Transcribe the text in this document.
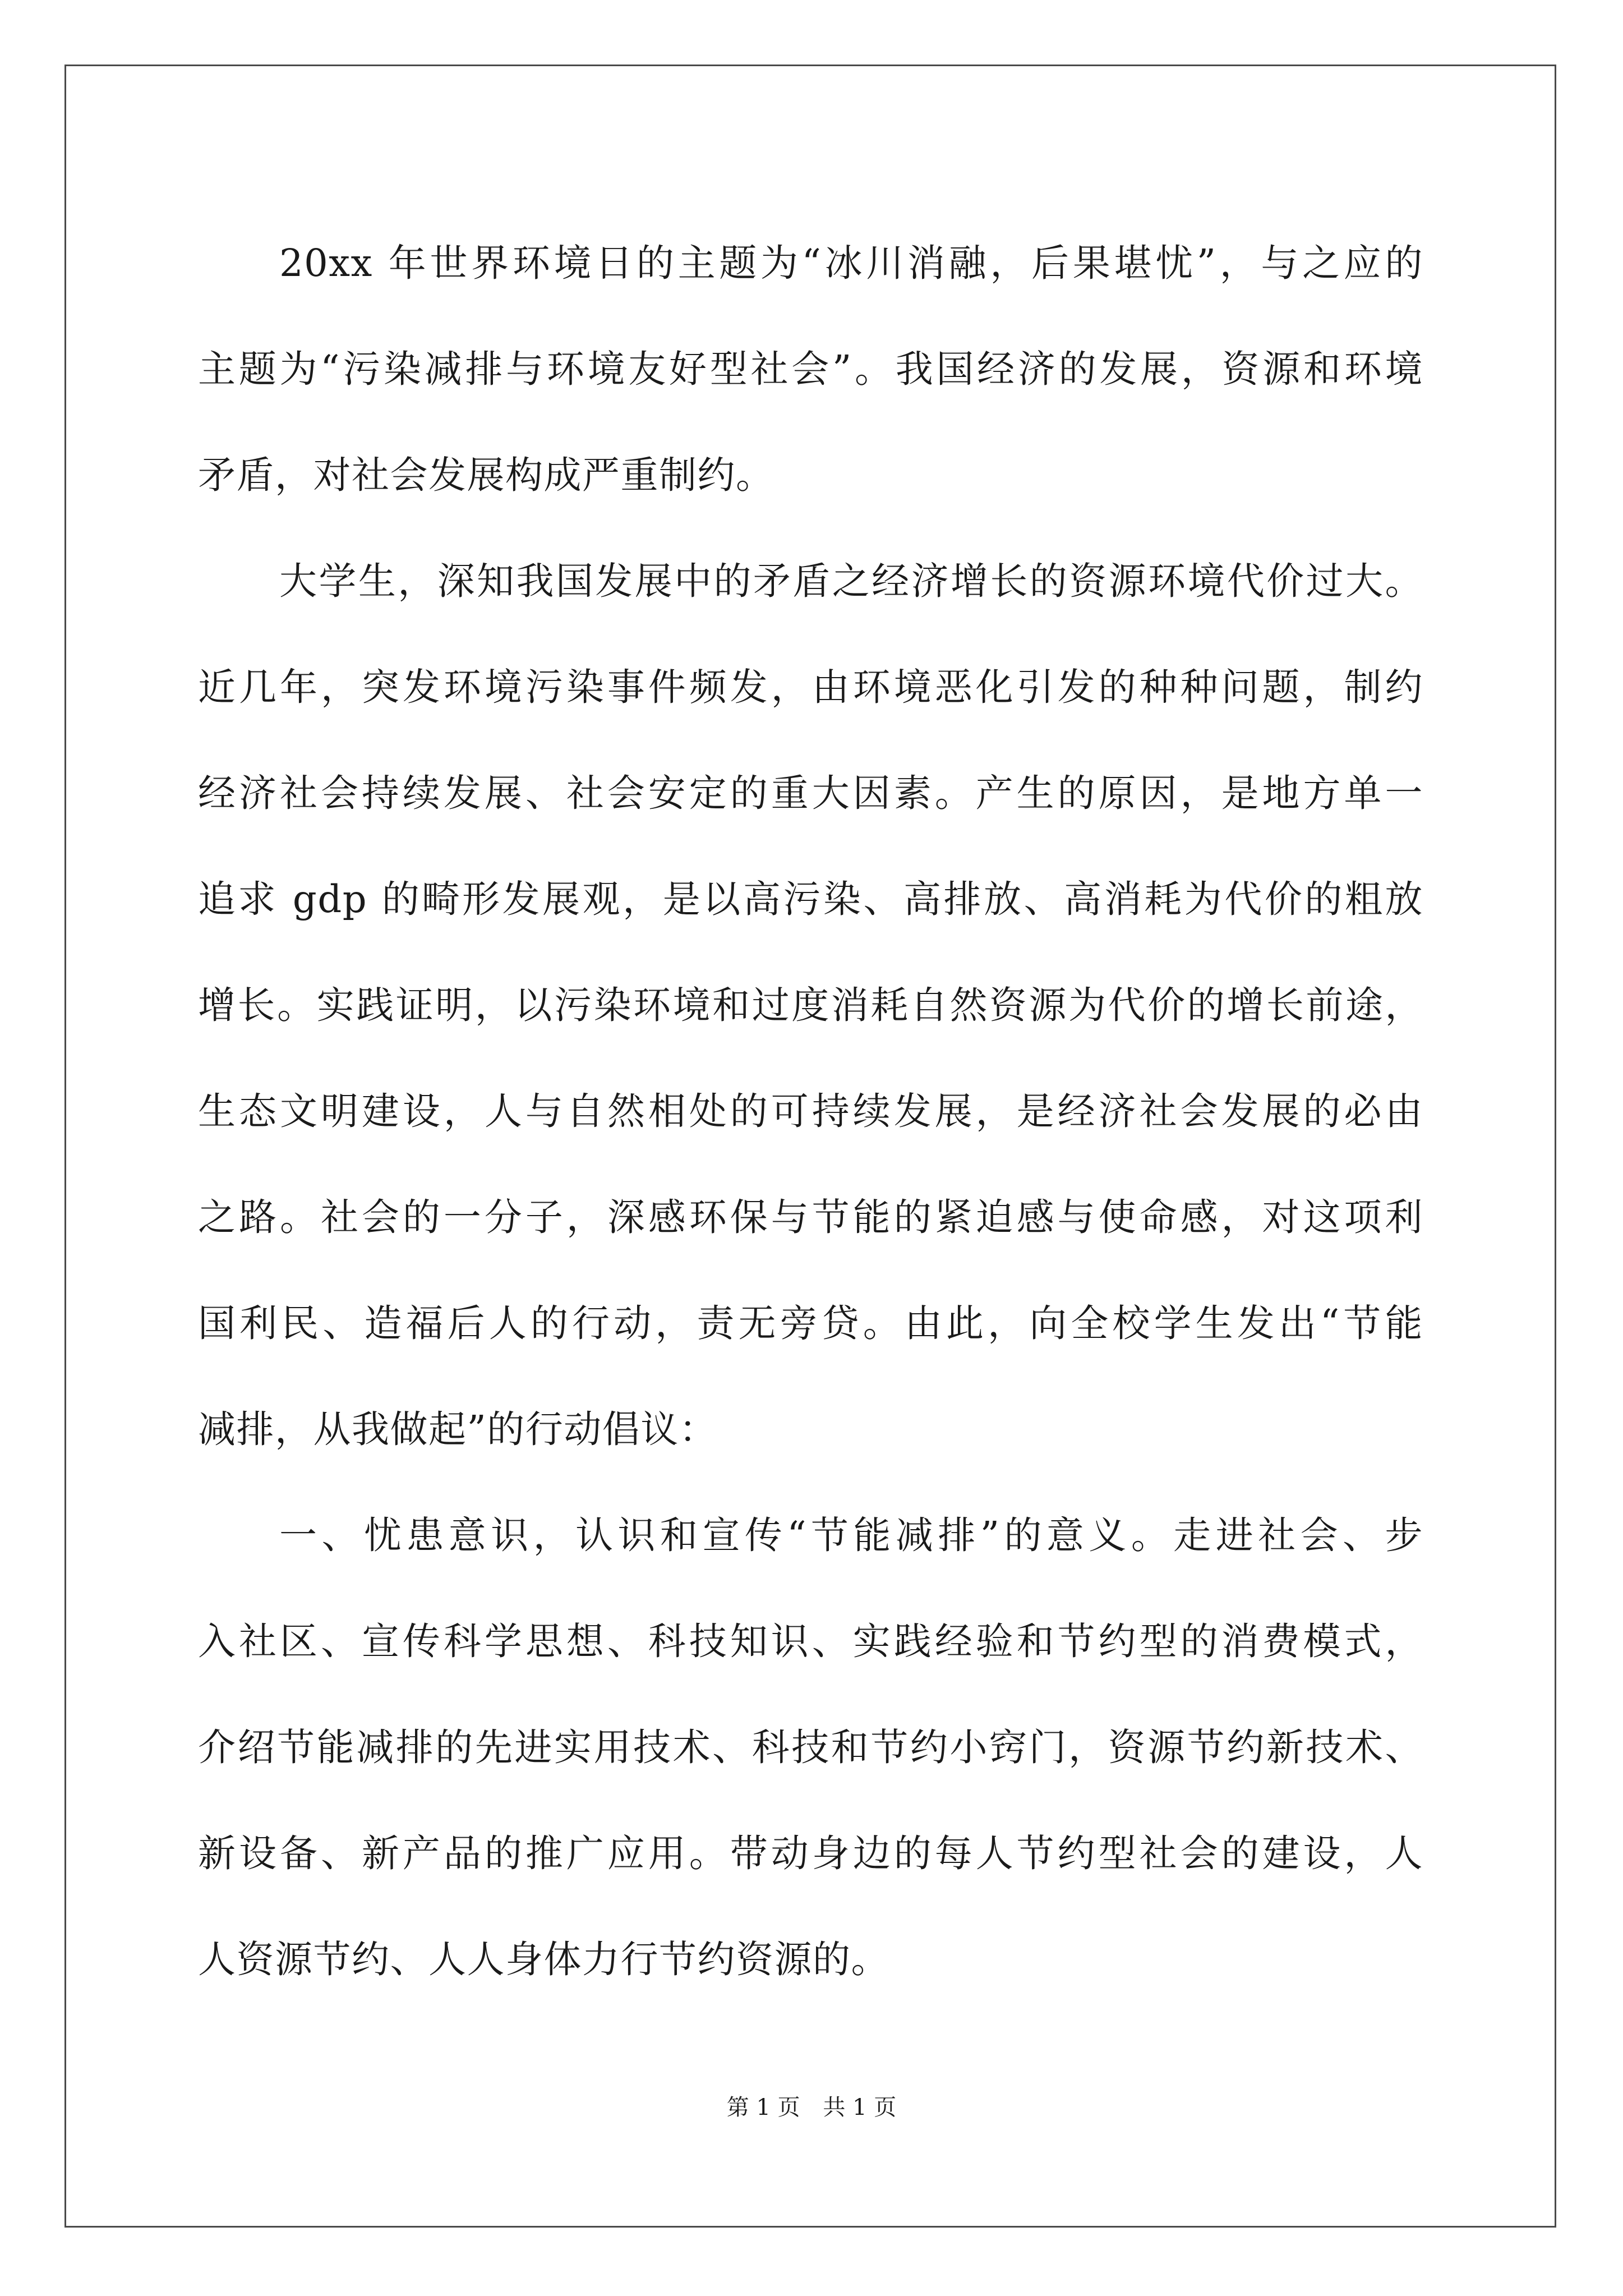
20xx 年世界环境日的主题为“冰川消融，后果堪忧”，与之应的
主题为“污染减排与环境友好型社会”。我国经济的发展，资源和环境
矛盾，对社会发展构成严重制约。
大学生，深知我国发展中的矛盾之经济增长的资源环境代价过大。
近几年，突发环境污染事件频发，由环境恶化引发的种种问题，制约
经济社会持续发展、社会安定的重大因素。产生的原因，是地方单一
追求 gdp 的畸形发展观，是以高污染、高排放、高消耗为代价的粗放
增长。实践证明，以污染环境和过度消耗自然资源为代价的增长前途，
生态文明建设，人与自然相处的可持续发展，是经济社会发展的必由
之路。社会的一分子，深感环保与节能的紧迫感与使命感，对这项利
国利民、造福后人的行动，责无旁贷。由此，向全校学生发出“节能
减排，从我做起”的行动倡议：
一、忧患意识，认识和宣传“节能减排”的意义。走进社会、步
入社区、宣传科学思想、科技知识、实践经验和节约型的消费模式，
介绍节能减排的先进实用技术、科技和节约小窍门，资源节约新技术、
新设备、新产品的推广应用。带动身边的每人节约型社会的建设，人
人资源节约、人人身体力行节约资源的。
第 1 页 共 1 页
